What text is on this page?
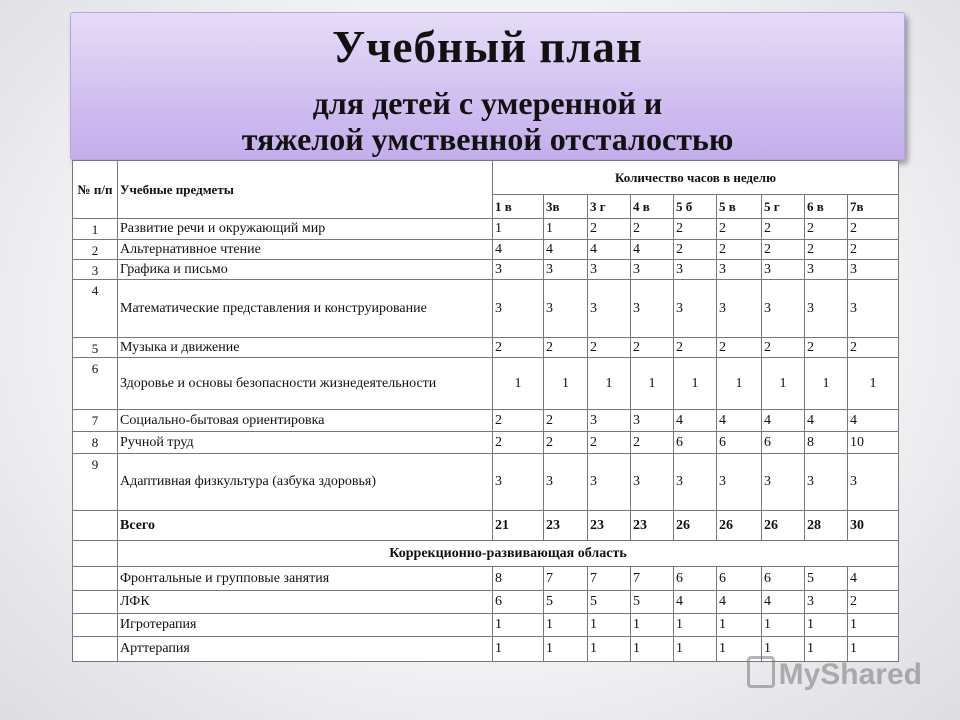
Учебный план
для детей с умеренной и
тяжелой умственной отсталостью
№ п/п	Учебные предметы	Количество часов в неделю								
		1 в	3в	3 г	4 в	5 б	5 в	5 г	6 в	7в
1	Развитие речи и окружающий мир	1	1	2	2	2	2	2	2	2
2	Альтернативное чтение	4	4	4	4	2	2	2	2	2
3	Графика и письмо	3	3	3	3	3	3	3	3	3
4	Математические представления и конструирование	3	3	3	3	3	3	3	3	3
5	Музыка и движение	2	2	2	2	2	2	2	2	2
6	Здоровье и основы безопасности жизнедеятельности	1	1	1	1	1	1	1	1	1
7	Социально-бытовая ориентировка	2	2	3	3	4	4	4	4	4
8	Ручной труд	2	2	2	2	6	6	6	8	10
9	Адаптивная физкультура (азбука здоровья)	3	3	3	3	3	3	3	3	3
	Всего	21	23	23	23	26	26	26	28	30
	Коррекционно-развивающая область									
	Фронтальные и групповые занятия	8	7	7	7	6	6	6	5	4
	ЛФК	6	5	5	5	4	4	4	3	2
	Игротерапия	1	1	1	1	1	1	1	1	1
	Арттерапия	1	1	1	1	1	1	1	1	1
MyShared
